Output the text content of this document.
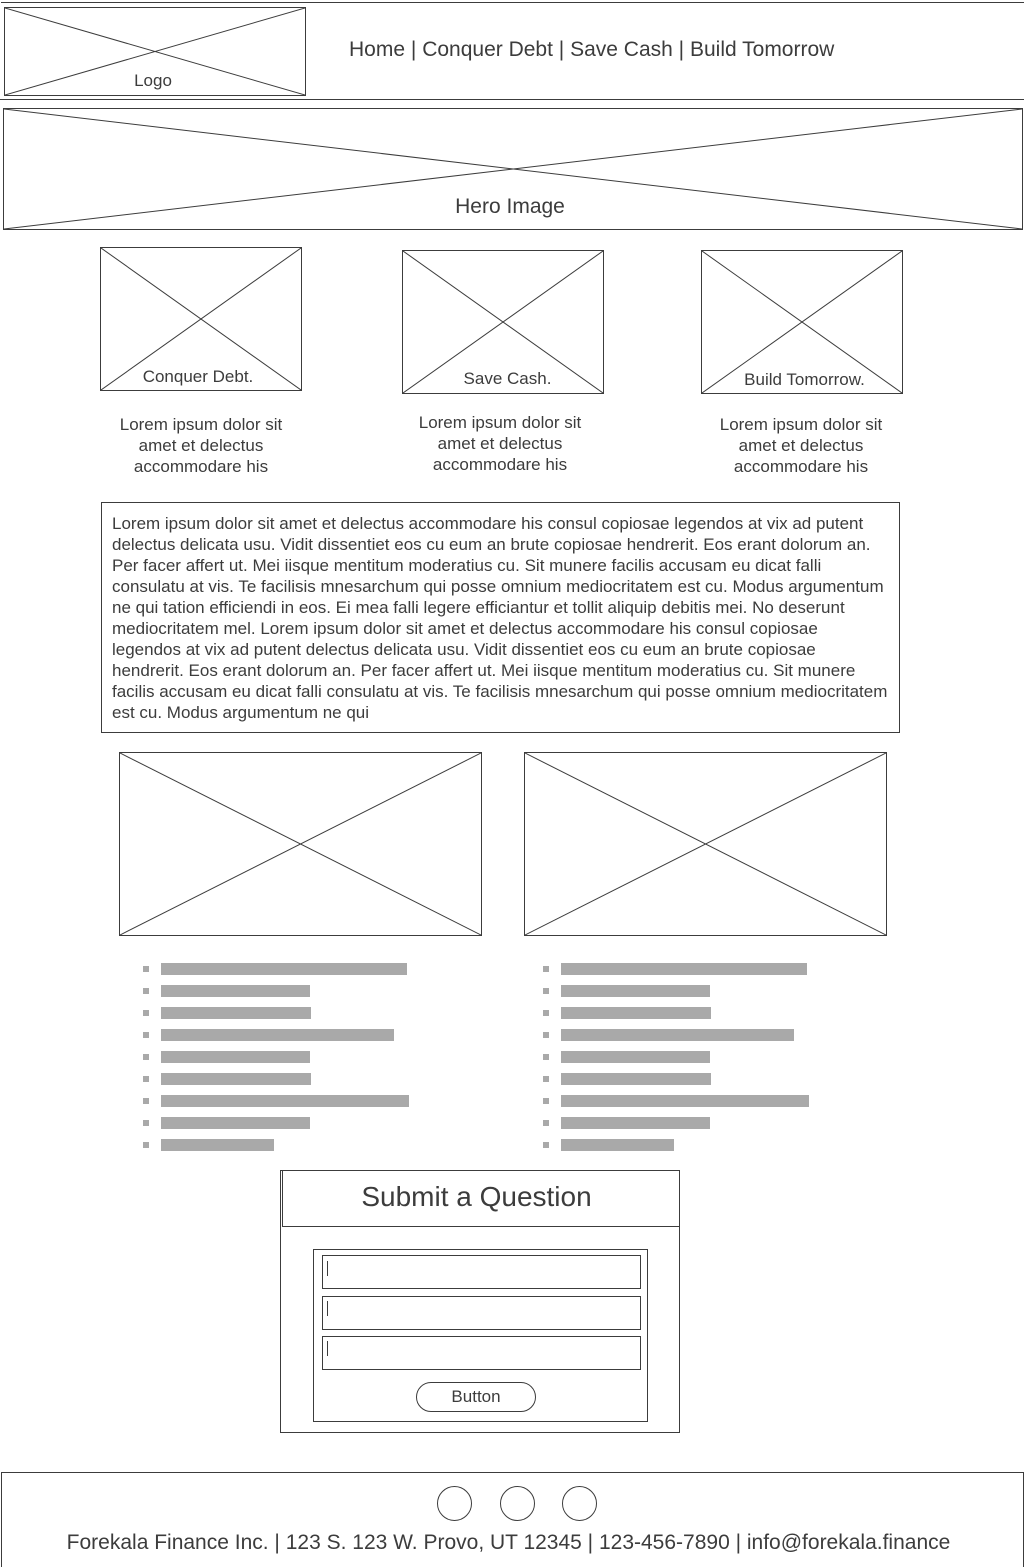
Logo
Home | Conquer Debt | Save Cash | Build Tomorrow
Hero Image
Conquer Debt.
Lorem ipsum dolor sit amet et delectus accommodare his
Save Cash.
Lorem ipsum dolor sit amet et delectus accommodare his
Build Tomorrow.
Lorem ipsum dolor sit amet et delectus accommodare his
Lorem ipsum dolor sit amet et delectus accommodare his consul copiosae legendos at vix ad putent delectus delicata usu. Vidit dissentiet eos cu eum an brute copiosae hendrerit. Eos erant dolorum an. Per facer affert ut. Mei iisque mentitum moderatius cu. Sit munere facilis accusam eu dicat falli consulatu at vis. Te facilisis mnesarchum qui posse omnium mediocritatem est cu. Modus argumentum ne qui tation efficiendi in eos. Ei mea falli legere efficiantur et tollit aliquip debitis mei. No deserunt mediocritatem mel. Lorem ipsum dolor sit amet et delectus accommodare his consul copiosae legendos at vix ad putent delectus delicata usu. Vidit dissentiet eos cu eum an brute copiosae hendrerit. Eos erant dolorum an. Per facer affert ut. Mei iisque mentitum moderatius cu. Sit munere facilis accusam eu dicat falli consulatu at vis. Te facilisis mnesarchum qui posse omnium mediocritatem est cu. Modus argumentum ne qui
Submit a Question
Button
Forekala Finance Inc. | 123 S. 123 W. Provo, UT 12345 | 123-456-7890 | info@forekala.finance
